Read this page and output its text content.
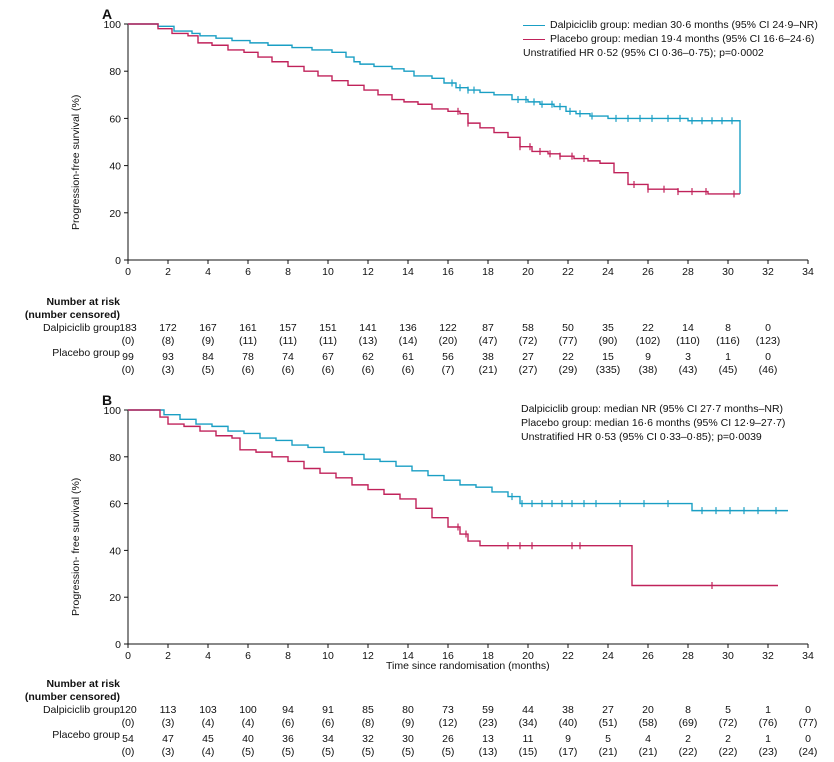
A
Progression-free survival (%)
Dalpiciclib group: median 30·6 months (95% CI 24·9–NR)
Placebo group: median 19·4 months (95% CI 16·6–24·6)
Unstratified HR 0·52 (95% CI 0·36–0·75); p=0·0002
0	2	4	6	8	10	12	14	16	18	20	22	24	26	28	30	32	34
0
20
40
60
80
100
Number at risk
(number censored)
Dalpiciclib group

Placebo group
183	172	167	161	157	151	141	136	122	87	58	50	35	22	14	8	0
(0)	(8)	(9)	(11)	(11)	(11)	(13)	(14)	(20)	(47)	(72)	(77)	(90)	(102)	(110)	(116)	(123)
99	93	84	78	74	67	62	61	56	38	27	22	15	9	3	1	0
(0)	(3)	(5)	(6)	(6)	(6)	(6)	(6)	(7)	(21)	(27)	(29)	(335)	(38)	(43)	(45)	(46)
B
Progression- free survival (%)
Time since randomisation (months)
Dalpiciclib group: median NR (95% CI 27·7 months–NR)
Placebo group: median 16·6 months (95% CI 12·9–27·7)
Unstratified HR 0·53 (95% CI 0·33–0·85); p=0·0039
0	2	4	6	8	10	12	14	16	18	20	22	24	26	28	30	32	34
0
20
40
60
80
100
Number at risk
(number censored)
Dalpiciclib group

Placebo group
120	113	103	100	94	91	85	80	73	59	44	38	27	20	8	5	1	0
(0)	(3)	(4)	(4)	(6)	(6)	(8)	(9)	(12)	(23)	(34)	(40)	(51)	(58)	(69)	(72)	(76)	(77)
54	47	45	40	36	34	32	30	26	13	11	9	5	4	2	2	1	0
(0)	(3)	(4)	(5)	(5)	(5)	(5)	(5)	(5)	(13)	(15)	(17)	(21)	(21)	(22)	(22)	(23)	(24)
